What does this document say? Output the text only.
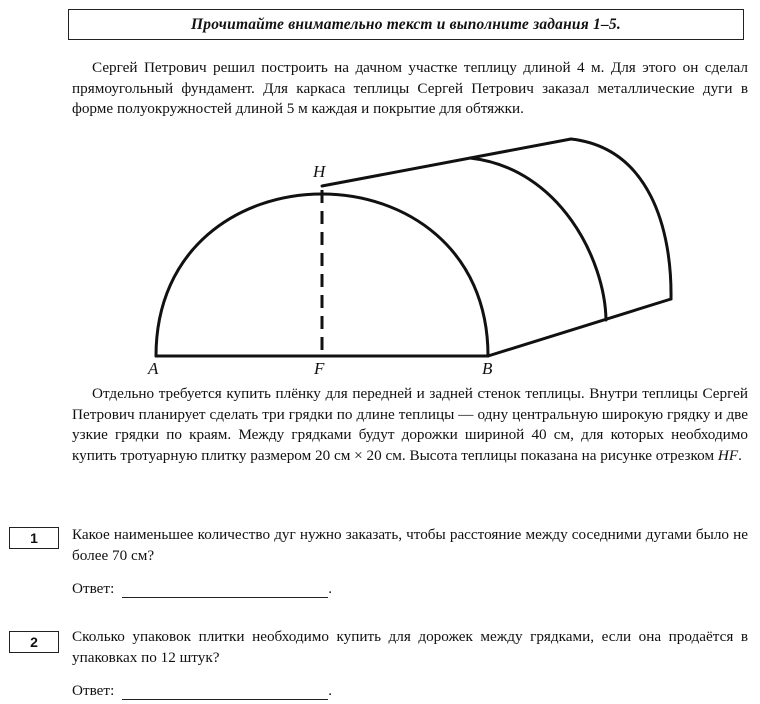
Прочитайте внимательно текст и выполните задания 1–5.

Сергей Петрович решил построить на дачном участке теплицу длиной 4 м. Для этого он сделал прямоугольный фундамент. Для каркаса теплицы Сергей Петрович заказал металлические дуги в форме полуокружностей длиной 5 м каждая и покрытие для обтяжки.

H
A	F	B

Отдельно требуется купить плёнку для передней и задней стенок теплицы. Внутри теплицы Сергей Петрович планирует сделать три грядки по длине теплицы — одну центральную широкую грядку и две узкие грядки по краям. Между грядками будут дорожки шириной 40 см, для которых необходимо купить тротуарную плитку размером 20 см × 20 см. Высота теплицы показана на рисунке отрезком HF.

1 Какое наименьшее количество дуг нужно заказать, чтобы расстояние между соседними дугами было не более 70 см?
Ответ:	.
2 Сколько упаковок плитки необходимо купить для дорожек между грядками, если она продаётся в упаковках по 12 штук?
Ответ:	.
